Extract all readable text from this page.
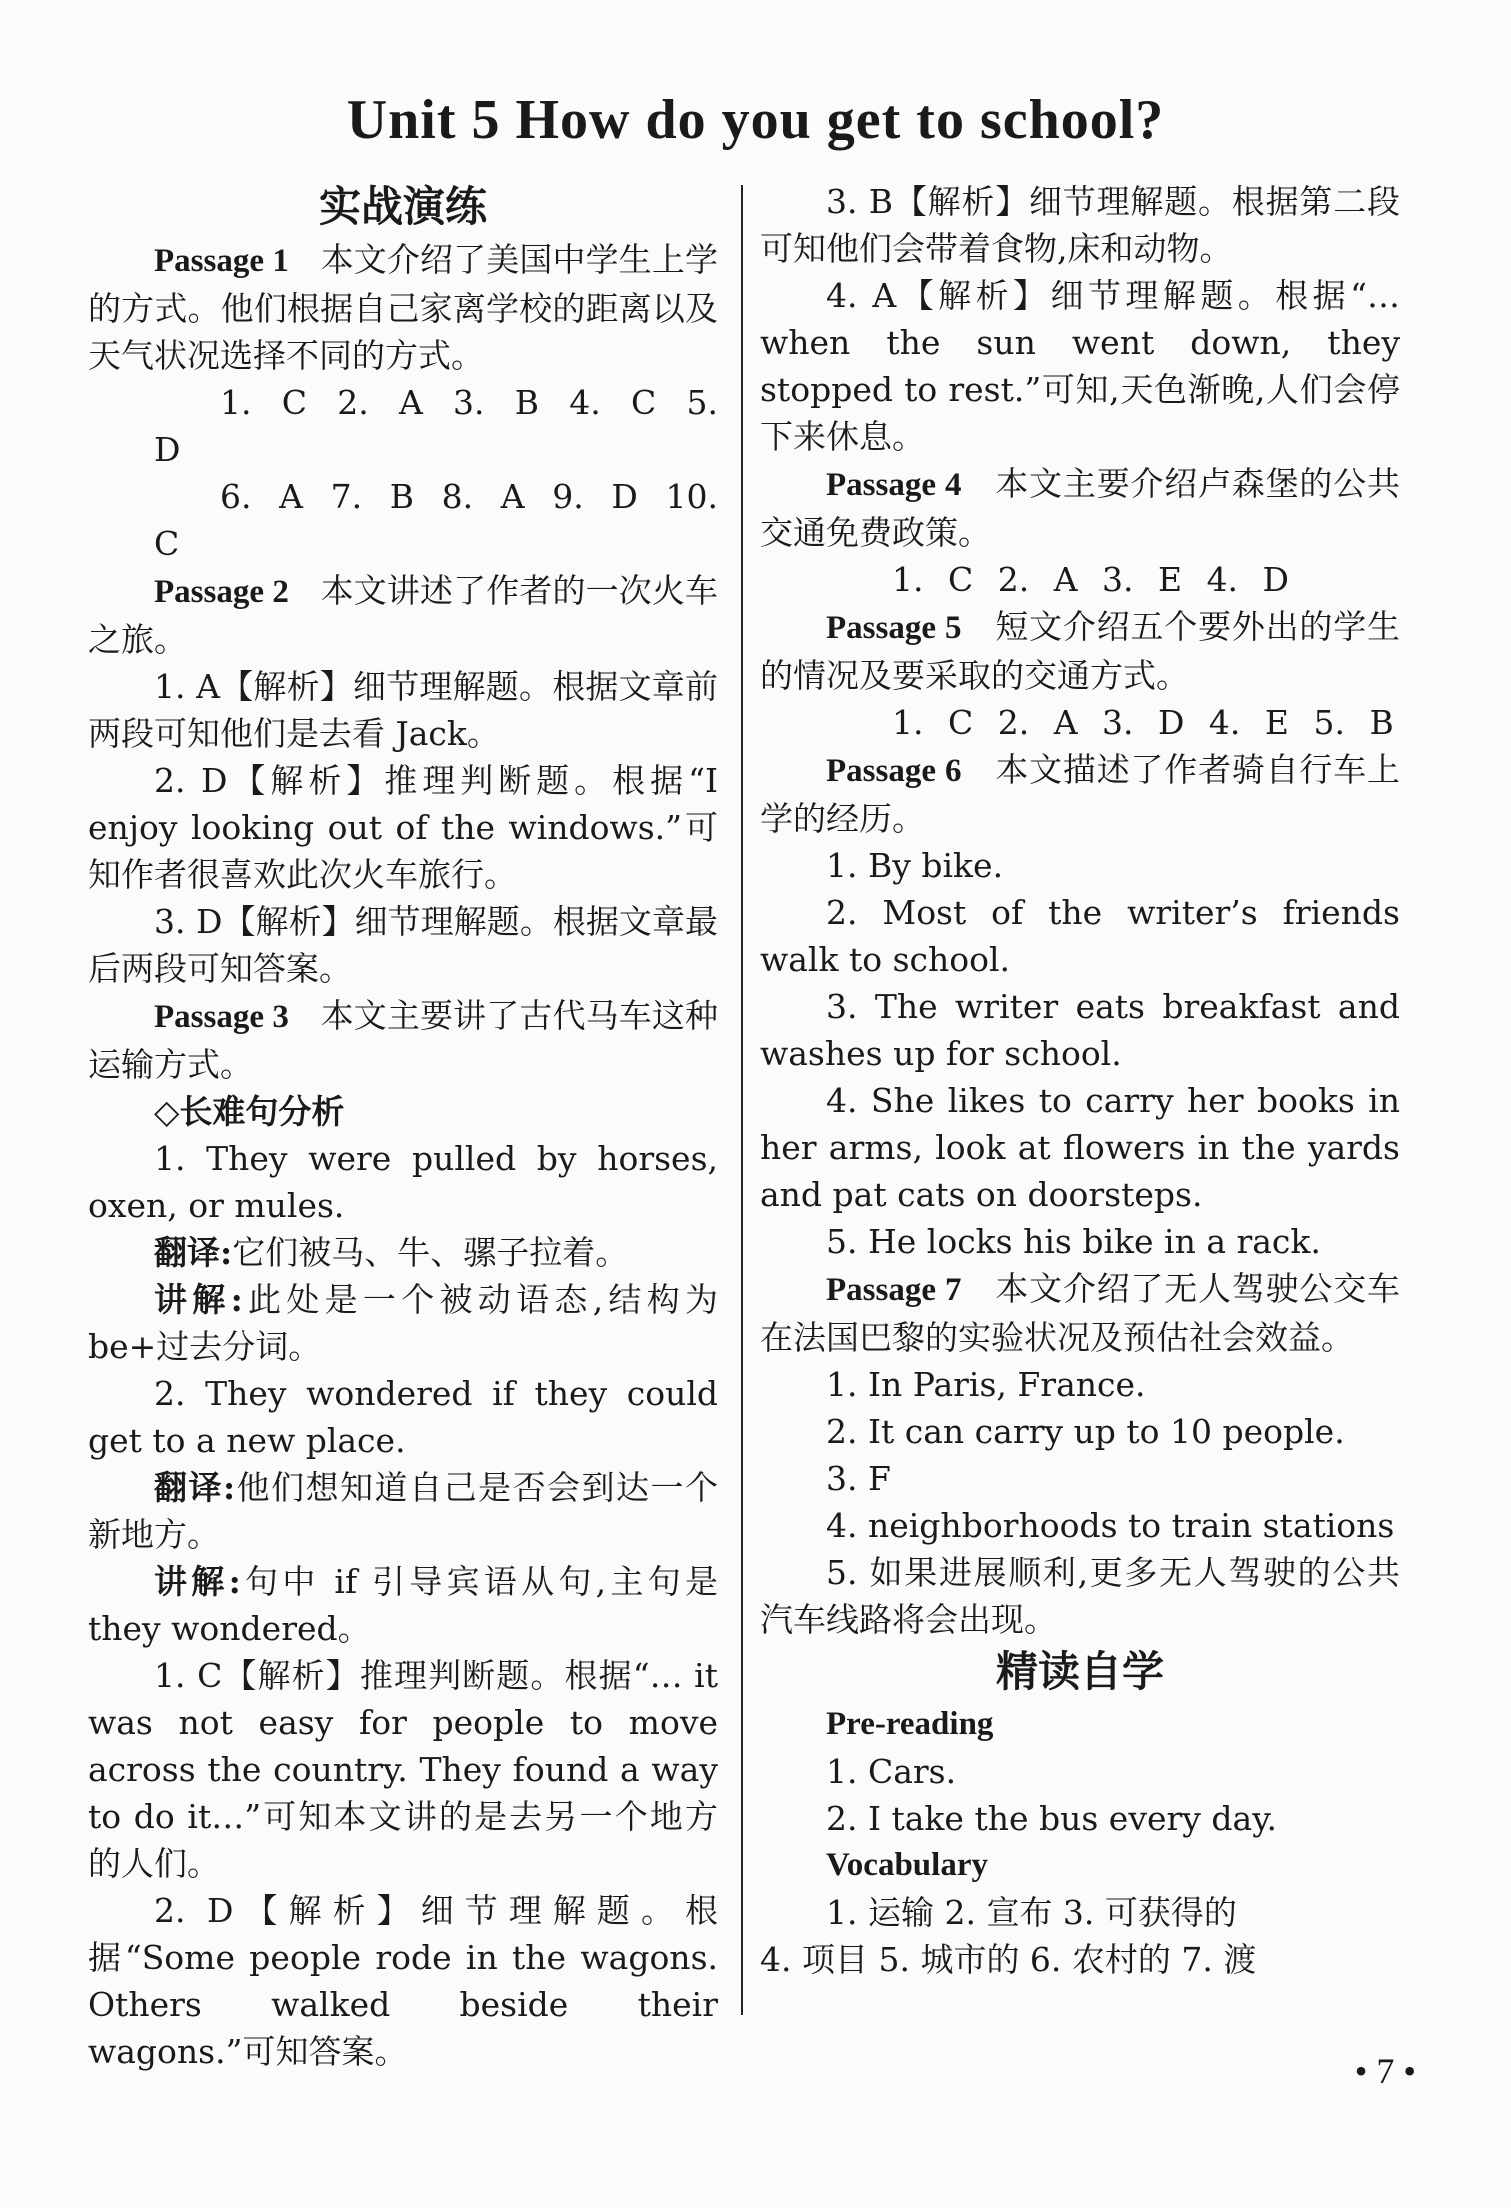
Unit 5 How do you get to school?
实战演练

Passage 1 本文介绍了美国中学生上学的方式。他们根据自己家离学校的距离以及天气状况选择不同的方式。

1. C 2. A 3. B 4. C 5. D

6. A 7. B 8. A 9. D 10. C

Passage 2 本文讲述了作者的一次火车之旅。

1. A【解析】细节理解题。根据文章前两段可知他们是去看 Jack。

2. D【解析】推理判断题。根据“I enjoy looking out of the windows.”可知作者很喜欢此次火车旅行。

3. D【解析】细节理解题。根据文章最后两段可知答案。

Passage 3 本文主要讲了古代马车这种运输方式。

◇长难句分析

1. They were pulled by horses, oxen, or mules.

翻译:它们被马、牛、骡子拉着。

讲解:此处是一个被动语态,结构为 be+过去分词。

2. They wondered if they could get to a new place.

翻译:他们想知道自己是否会到达一个新地方。

讲解:句中 if 引导宾语从句,主句是 they wondered。

1. C【解析】推理判断题。根据“… it was not easy for people to move across the country. They found a way to do it…”可知本文讲的是去另一个地方的人们。

2. D【解析】细节理解题。根据“Some people rode in the wagons. Others walked beside their wagons.”可知答案。

3. B【解析】细节理解题。根据第二段可知他们会带着食物,床和动物。

4. A【解析】细节理解题。根据“… when the sun went down, they stopped to rest.”可知,天色渐晚,人们会停下来休息。

Passage 4 本文主要介绍卢森堡的公共交通免费政策。

1. C 2. A 3. E 4. D

Passage 5 短文介绍五个要外出的学生的情况及要采取的交通方式。

1. C 2. A 3. D 4. E 5. B

Passage 6 本文描述了作者骑自行车上学的经历。

1. By bike.

2. Most of the writer’s friends walk to school.

3. The writer eats breakfast and washes up for school.

4. She likes to carry her books in her arms, look at flowers in the yards and pat cats on doorsteps.

5. He locks his bike in a rack.

Passage 7 本文介绍了无人驾驶公交车在法国巴黎的实验状况及预估社会效益。

1. In Paris, France.

2. It can carry up to 10 people.

3. F

4. neighborhoods to train stations

5. 如果进展顺利,更多无人驾驶的公共汽车线路将会出现。

精读自学

Pre-reading

1. Cars.

2. I take the bus every day.

Vocabulary

1. 运输 2. 宣布 3. 可获得的

4. 项目 5. 城市的 6. 农村的 7. 渡

• 7 •
